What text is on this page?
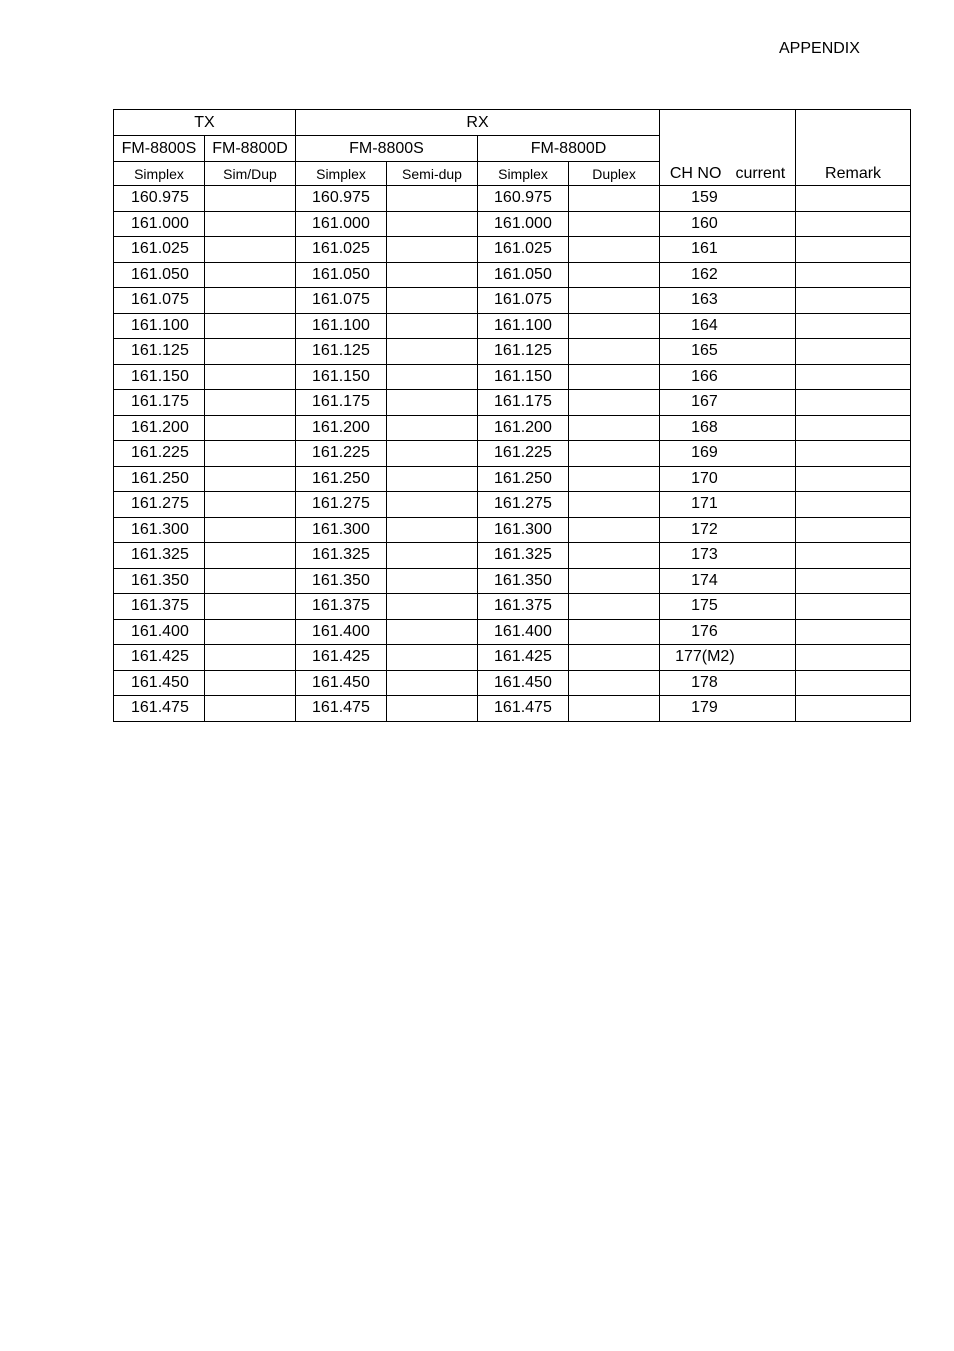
APPENDIX
TX		RX				CH NO current	Remark
FM-8800S	FM-8800D	FM-8800S		FM-8800D			
Simplex	Sim/Dup	Simplex	Semi-dup	Simplex	Duplex		
160.975		160.975		160.975		159	
161.000		161.000		161.000		160	
161.025		161.025		161.025		161	
161.050		161.050		161.050		162	
161.075		161.075		161.075		163	
161.100		161.100		161.100		164	
161.125		161.125		161.125		165	
161.150		161.150		161.150		166	
161.175		161.175		161.175		167	
161.200		161.200		161.200		168	
161.225		161.225		161.225		169	
161.250		161.250		161.250		170	
161.275		161.275		161.275		171	
161.300		161.300		161.300		172	
161.325		161.325		161.325		173	
161.350		161.350		161.350		174	
161.375		161.375		161.375		175	
161.400		161.400		161.400		176	
161.425		161.425		161.425		177(M2)	
161.450		161.450		161.450		178	
161.475		161.475		161.475		179	
